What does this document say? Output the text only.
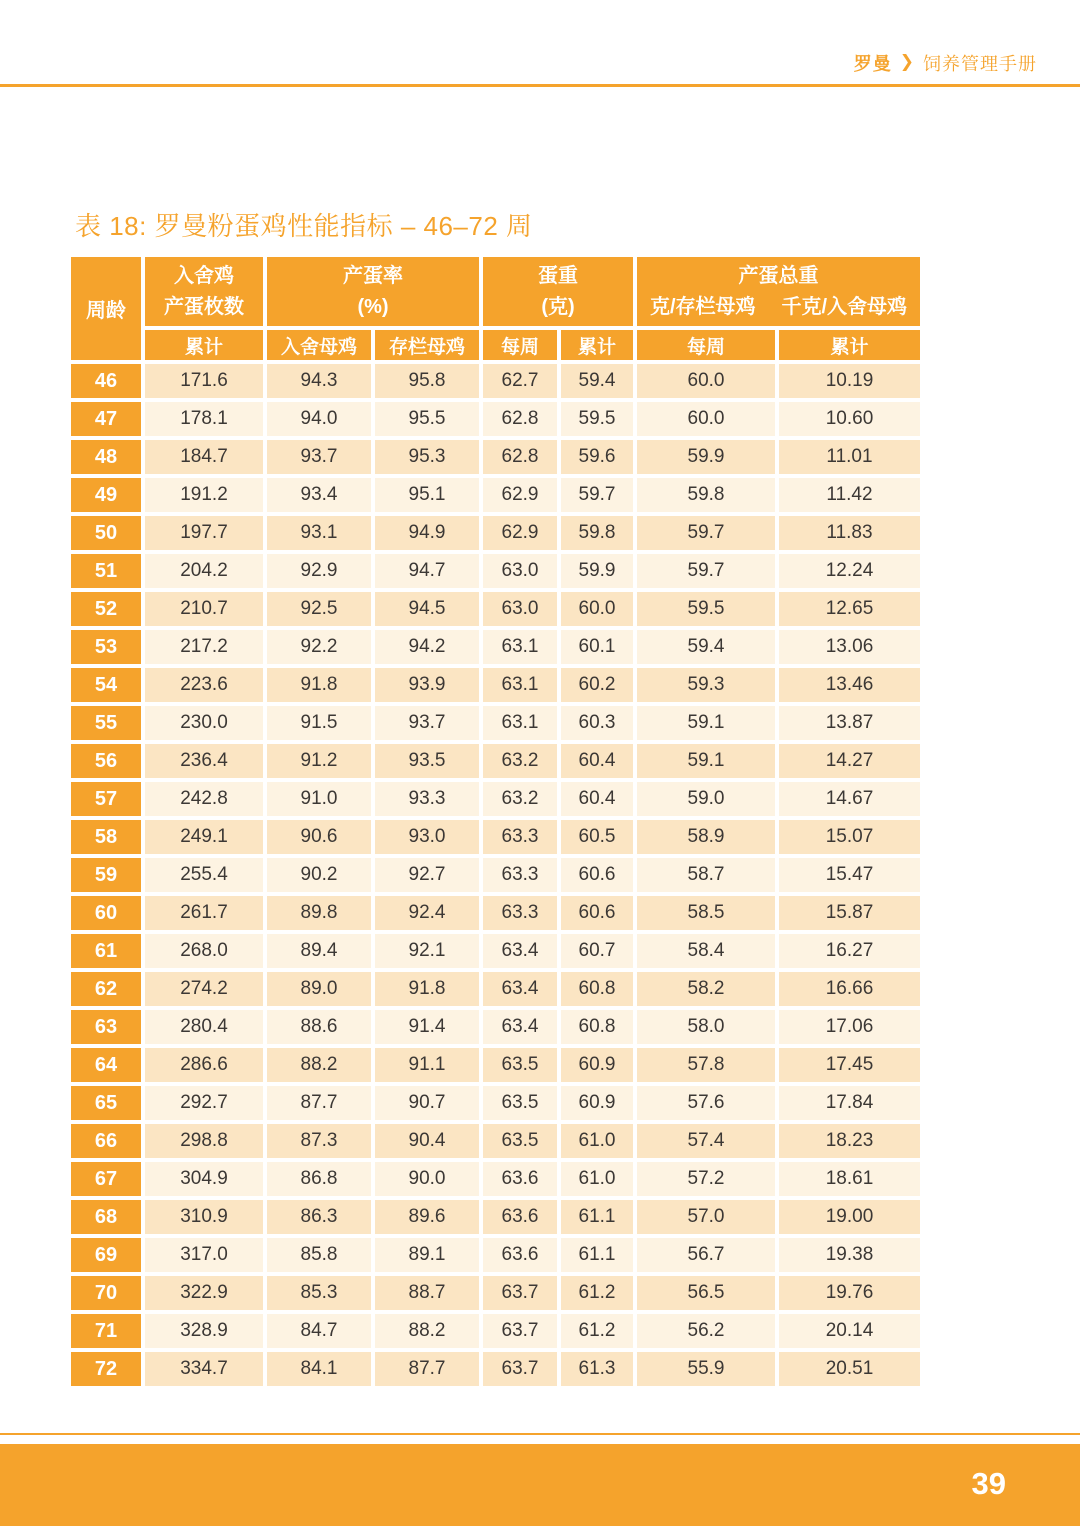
罗曼 ❯ 饲养管理手册
表 18: 罗曼粉蛋鸡性能指标 – 46–72 周
周龄	
入舍鸡
产蛋枚数

产蛋率
(%)

蛋重
(克)

产蛋总重
克/存栏母鸡 千克/入舍母鸡

	累计	入舍母鸡	存栏母鸡	每周	累计	每周	累计
46	171.6	94.3	95.8	62.7	59.4	60.0	10.19
47	178.1	94.0	95.5	62.8	59.5	60.0	10.60
48	184.7	93.7	95.3	62.8	59.6	59.9	11.01
49	191.2	93.4	95.1	62.9	59.7	59.8	11.42
50	197.7	93.1	94.9	62.9	59.8	59.7	11.83
51	204.2	92.9	94.7	63.0	59.9	59.7	12.24
52	210.7	92.5	94.5	63.0	60.0	59.5	12.65
53	217.2	92.2	94.2	63.1	60.1	59.4	13.06
54	223.6	91.8	93.9	63.1	60.2	59.3	13.46
55	230.0	91.5	93.7	63.1	60.3	59.1	13.87
56	236.4	91.2	93.5	63.2	60.4	59.1	14.27
57	242.8	91.0	93.3	63.2	60.4	59.0	14.67
58	249.1	90.6	93.0	63.3	60.5	58.9	15.07
59	255.4	90.2	92.7	63.3	60.6	58.7	15.47
60	261.7	89.8	92.4	63.3	60.6	58.5	15.87
61	268.0	89.4	92.1	63.4	60.7	58.4	16.27
62	274.2	89.0	91.8	63.4	60.8	58.2	16.66
63	280.4	88.6	91.4	63.4	60.8	58.0	17.06
64	286.6	88.2	91.1	63.5	60.9	57.8	17.45
65	292.7	87.7	90.7	63.5	60.9	57.6	17.84
66	298.8	87.3	90.4	63.5	61.0	57.4	18.23
67	304.9	86.8	90.0	63.6	61.0	57.2	18.61
68	310.9	86.3	89.6	63.6	61.1	57.0	19.00
69	317.0	85.8	89.1	63.6	61.1	56.7	19.38
70	322.9	85.3	88.7	63.7	61.2	56.5	19.76
71	328.9	84.7	88.2	63.7	61.2	56.2	20.14
72	334.7	84.1	87.7	63.7	61.3	55.9	20.51
39
